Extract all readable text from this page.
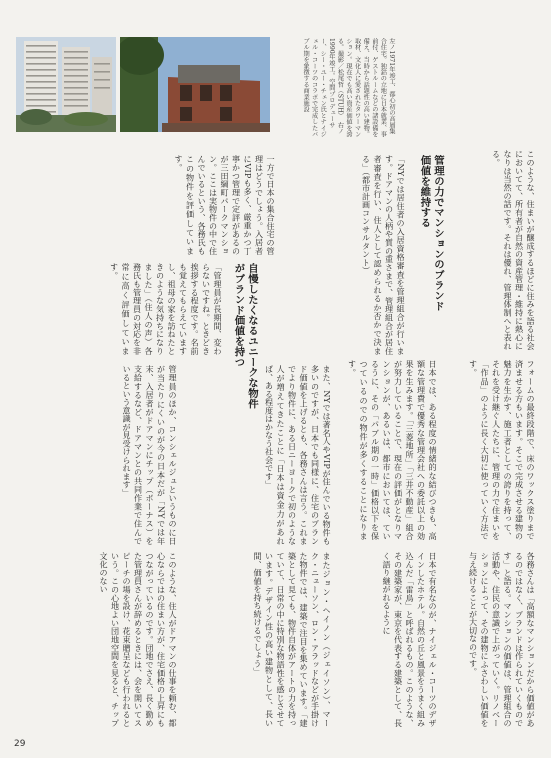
左ノ1971年竣工、都心初の高層集合住宅。独鈷の立地に日本就業、事前付、ゲストルームなどの諸設備を備え、当時から話題性の高い建物。取材、文化人に愛されたタワーマンション。現在でも高い資産価値を誇る。撮影／松尾哲（STUH）　右ノ1990年竣工。空間プロデューサー、シー・ユー・チェン氏とナイジェル・コーツのコラボで完成したバブル期を象徴する商業施設
このような、住まいが醸成するほどに住みを語る社会においてて、所有者が自然の資産管理・維持に熱心になりは当然の話です。それは優れ、管理体制へと表れる。
日本では、ある程度の情緒的な結びつきも、高額な管理費で優秀な管理会社への委託以上の効果を生みます。「三菱地所」「三井不動産」組合が努力していることで、現在の評価がとなりマンションが、あるいは、都市においては、ているうに、その「パブル期の一時」価格以下を保つているのでの物件が多くすることになります。
管理の力でマンションのブランド価値を維持する
自慢したくなるユニークな物件がブランド価値を持つ	「NYでは居住者の入居資格審査を管理組合が行います。ドアマンの人柄や質の重さまで、管理組合が居住者審査を行い、住人として認められるか否かで決まる」（都市計画コンサルタント）
一方で日本の集合住宅の管理はどうでしょう。入居者にVIPも多く、厳重かつ丁寧かつ管理で定評があるのが三田綱町パークマンション。ここは実物件の中で住んでいるという、各務氏もこの物件を評価しています。
「管理員が長期間、変わらないですね。ときどき挨拶する程度です。名前も覚えてもらえていますし、祖母の家を訪ねたときのような気持ちになりました」（住人の声）各務氏も管理員の対応を非常に高く評価しています。
管理員のほか、コンシェルジュというものに日が当たりにくいのが今の日本だが「NYでは年末、入居者がドアマンにチップ（ボーナス）を支給するなど、ドアマンとの共同作業で住んでいるという意識が見受けられます」	また、NYでは著名人やVIPが住んでいる物件も多いのですが、日本でも同様に、住宅のブランド価値を上げるとも、各務さんは言う。これまでより物件に、ある日ニーヨークで初のような人が増えてきたことに「日本は資金力があれば、ある程度はかなう社会です」
このような、住人がドアマンの仕事を頼む、都心ならではの住まい方が、住宅価格の上昇にもつながっているのです。団地でさえ、長く勤めた管理員さんが辞めるときには、会を開いてスピーチの場を設け、花束贈呈なども行われるという。この心地よい団地空間を見ると、チップ文化のない	またジョン・ヘイノン（ジェイソン）、マーク・ニューソン、ロン・アラッドなどが手掛けた物件では、建築で注目を集めています。「建築として見ても、物件自体がアートの力を持っていて、日常の中に特別な物語性を感じさせています。デザイン性の高い建物として、長い間、価値を持ち続けるでしょう」	日本で有名なのが、ナイジェル・コーツのデザインしたホテル。自然の丘と風景をうまく組み込んだ「雷鳥」と呼ばれるもの。このような、その建築家が、東京を代表する建築として、長く語り継がれるように
フォームの最終段階で、床のワックス塗りまで済ませる方もいます。そこで完成させる建物の魅力を生かす、施工者としての誇りを持って、それを受け継ぐ人たちに、管理の力で住まいを「作品」のように長く大切に使っていく方法です。
各務さんは「高額なマンションだから価値があるのではなく、ブランドは作られていくものです」と語る。マンションの価値は、管理組合の活動や、住民の意識で上がっていく。リノベーションによって、その建物にふさわしい価値を与え続けることが大切なのです。
29
